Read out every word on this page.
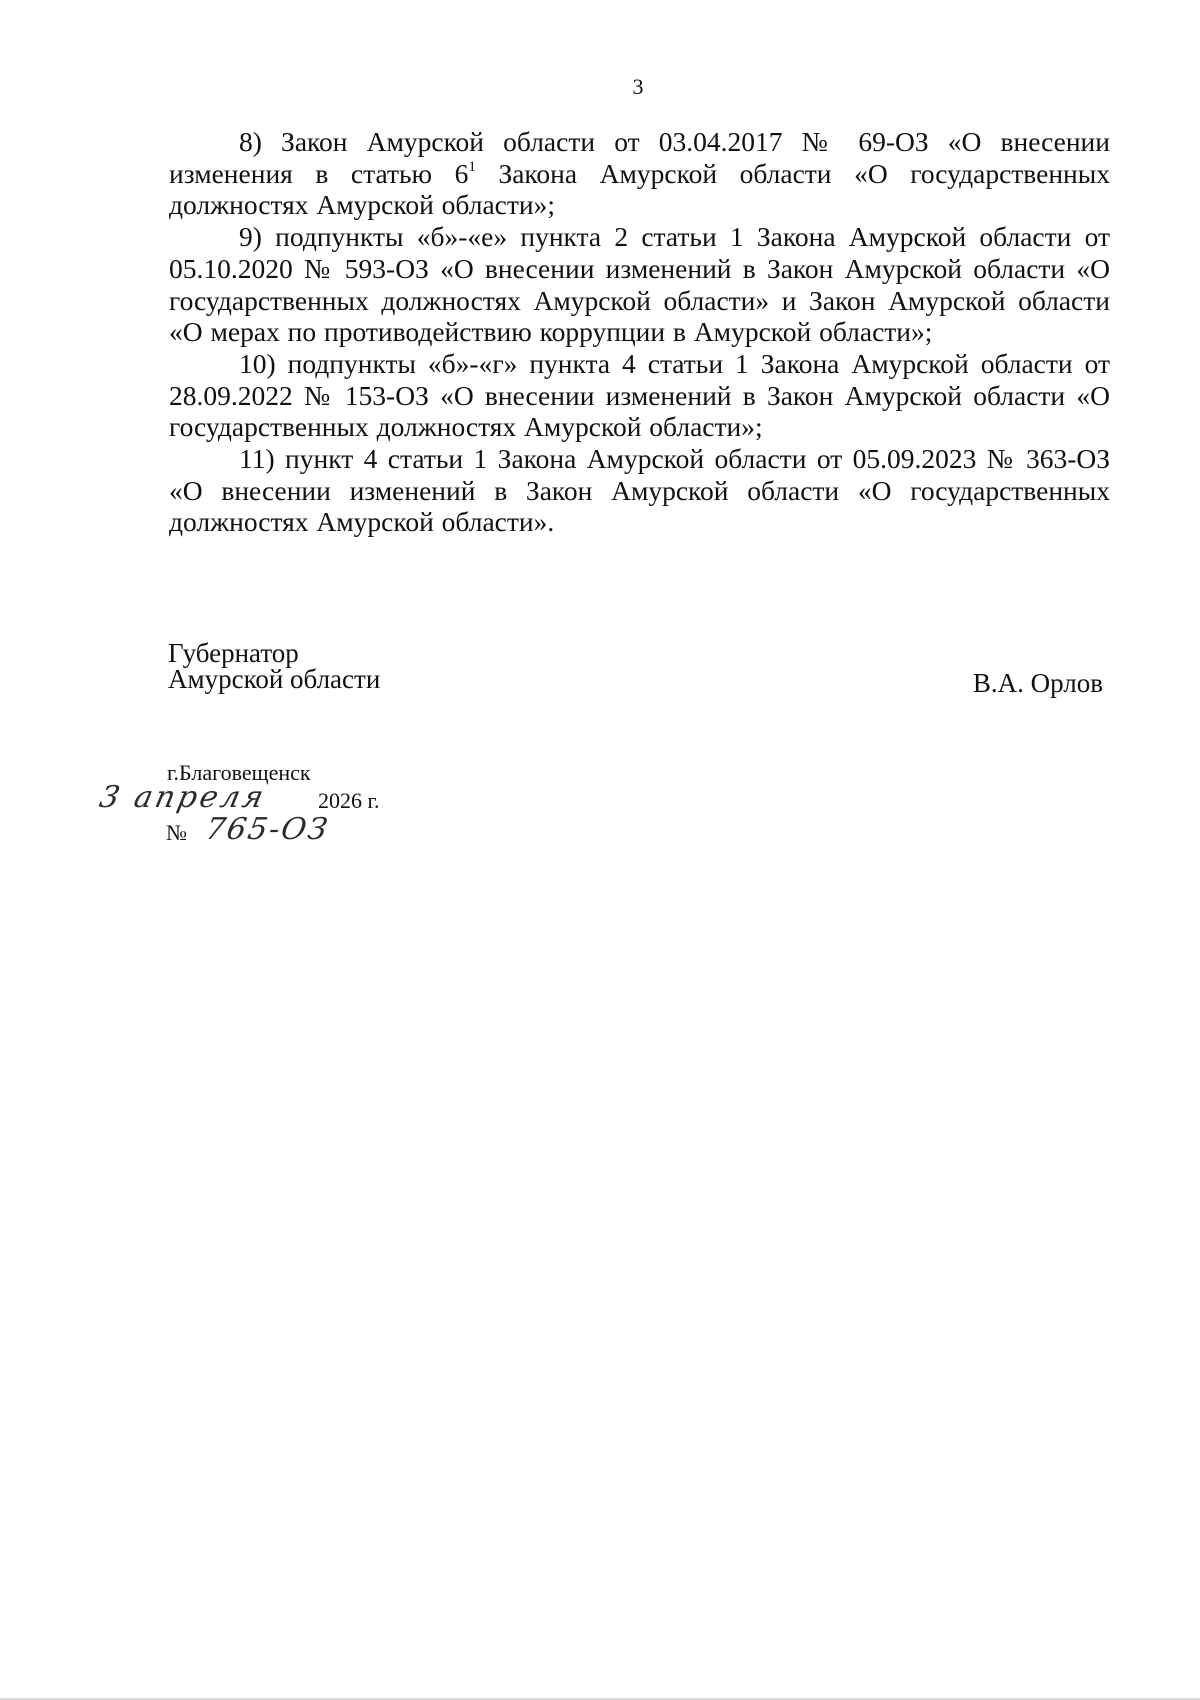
3

8) Закон Амурской области от 03.04.2017 № 69-ОЗ «О внесении изменения в статью $6^1$ Закона Амурской области «О государственных должностях Амурской области»;

9) подпункты «б»-«е» пункта 2 статьи 1 Закона Амурской области от 05.10.2020 № 593-ОЗ «О внесении изменений в Закон Амурской области «О государственных должностях Амурской области» и Закон Амурской области «О мерах по противодействию коррупции в Амурской области»;

10) подпункты «б»-«г» пункта 4 статьи 1 Закона Амурской области от 28.09.2022 № 153-ОЗ «О внесении изменений в Закон Амурской области «О государственных должностях Амурской области»;

11) пункт 4 статьи 1 Закона Амурской области от 05.09.2023 № 363-ОЗ «О внесении изменений в Закон Амурской области «О государственных должностях Амурской области».

Губернатор
Амурской области	В.А. Орлов
г.Благовещенск
3 апреля 2026 г.
№ 765-ОЗ
